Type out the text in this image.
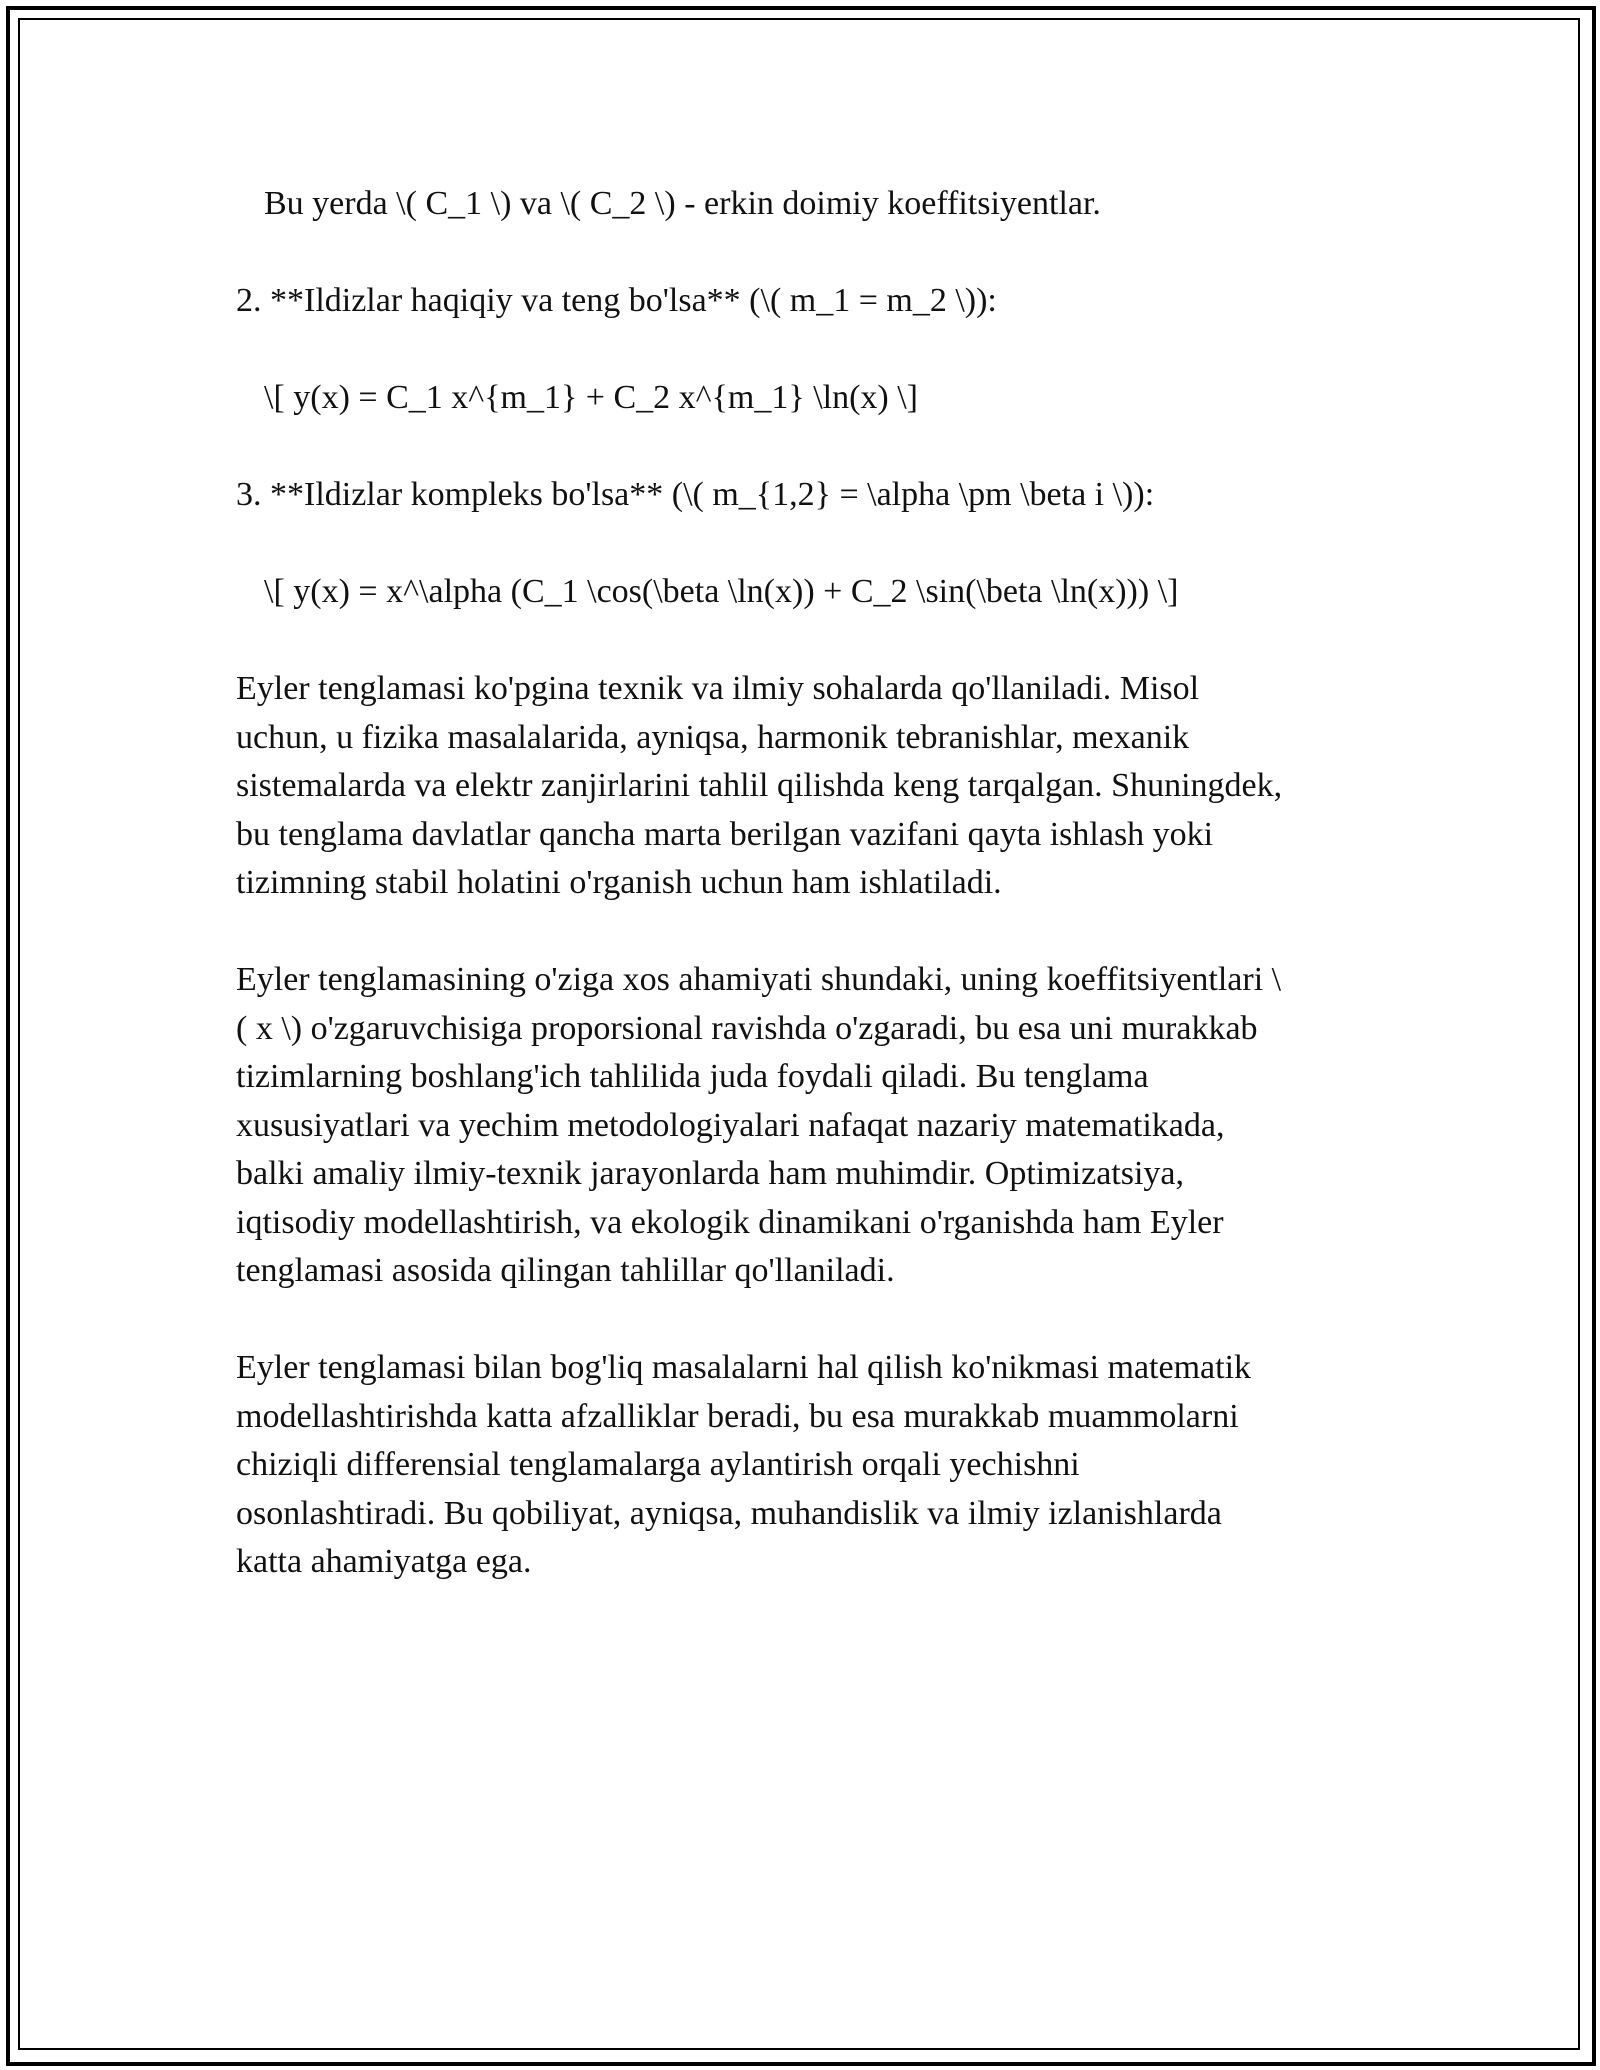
Bu yerda \( C_1 \) va \( C_2 \) - erkin doimiy koeffitsiyentlar.

2. **Ildizlar haqiqiy va teng bo'lsa** (\( m_1 = m_2 \)):

\[ y(x) = C_1 x^{m_1} + C_2 x^{m_1} \ln(x) \]

3. **Ildizlar kompleks bo'lsa** (\( m_{1,2} = \alpha \pm \beta i \)):

\[ y(x) = x^\alpha (C_1 \cos(\beta \ln(x)) + C_2 \sin(\beta \ln(x))) \]

Eyler tenglamasi ko'pgina texnik va ilmiy sohalarda qo'llaniladi. Misol

uchun, u fizika masalalarida, ayniqsa, harmonik tebranishlar, mexanik

sistemalarda va elektr zanjirlarini tahlil qilishda keng tarqalgan. Shuningdek,

bu tenglama davlatlar qancha marta berilgan vazifani qayta ishlash yoki

tizimning stabil holatini o'rganish uchun ham ishlatiladi.

Eyler tenglamasining o'ziga xos ahamiyati shundaki, uning koeffitsiyentlari \

( x \) o'zgaruvchisiga proporsional ravishda o'zgaradi, bu esa uni murakkab

tizimlarning boshlang'ich tahlilida juda foydali qiladi. Bu tenglama

xususiyatlari va yechim metodologiyalari nafaqat nazariy matematikada,

balki amaliy ilmiy-texnik jarayonlarda ham muhimdir. Optimizatsiya,

iqtisodiy modellashtirish, va ekologik dinamikani o'rganishda ham Eyler

tenglamasi asosida qilingan tahlillar qo'llaniladi.

Eyler tenglamasi bilan bog'liq masalalarni hal qilish ko'nikmasi matematik

modellashtirishda katta afzalliklar beradi, bu esa murakkab muammolarni

chiziqli differensial tenglamalarga aylantirish orqali yechishni

osonlashtiradi. Bu qobiliyat, ayniqsa, muhandislik va ilmiy izlanishlarda

katta ahamiyatga ega.
